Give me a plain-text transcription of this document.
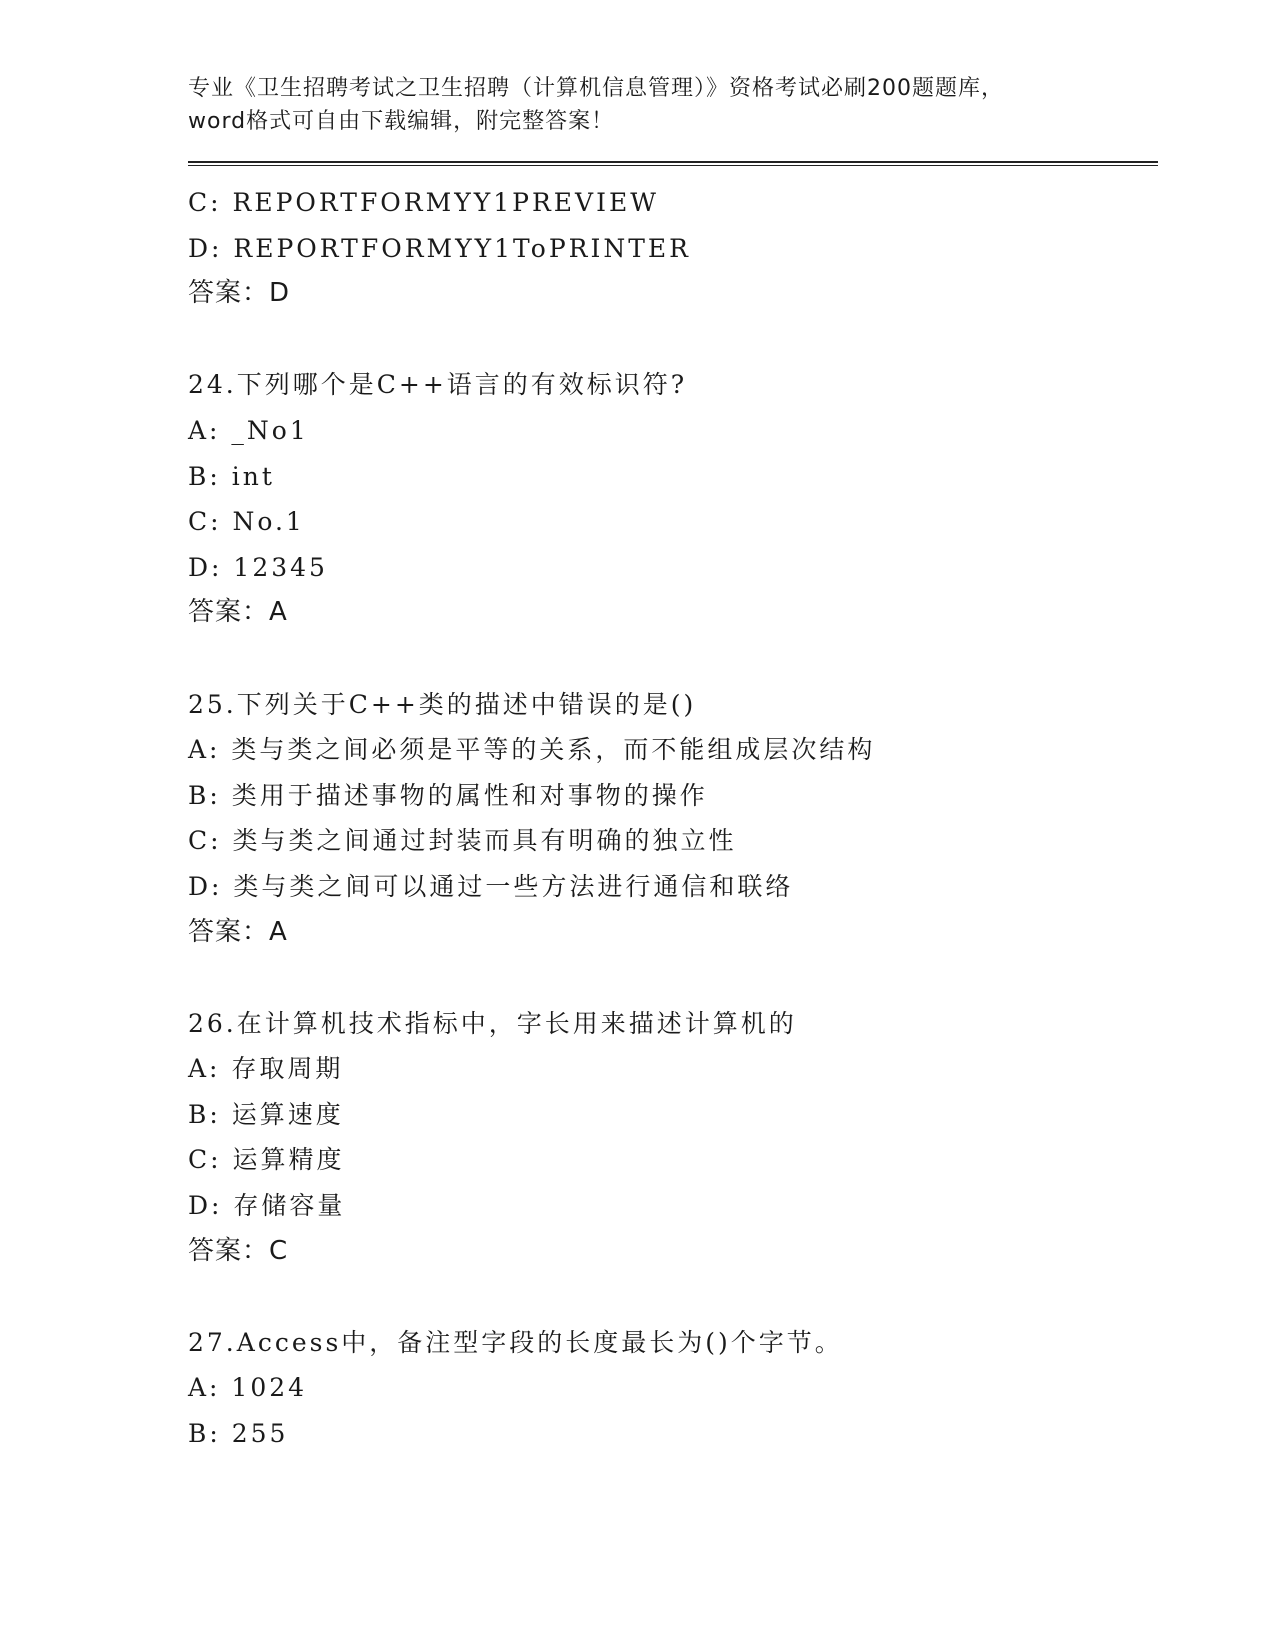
专业《卫生招聘考试之卫生招聘（计算机信息管理）》资格考试必刷200题题库，
word格式可自由下载编辑，附完整答案！

C: REPORTFORMYY1PREVIEW
D: REPORTFORMYY1ToPRINTER
答案：D
24.下列哪个是C++语言的有效标识符?
A: _No1
B: int
C: No.1
D: 12345
答案：A
25.下列关于C++类的描述中错误的是()
A: 类与类之间必须是平等的关系，而不能组成层次结构
B: 类用于描述事物的属性和对事物的操作
C: 类与类之间通过封装而具有明确的独立性
D: 类与类之间可以通过一些方法进行通信和联络
答案：A
26.在计算机技术指标中，字长用来描述计算机的
A: 存取周期
B: 运算速度
C: 运算精度
D: 存储容量
答案：C
27.Access中，备注型字段的长度最长为()个字节。
A: 1024
B: 255
